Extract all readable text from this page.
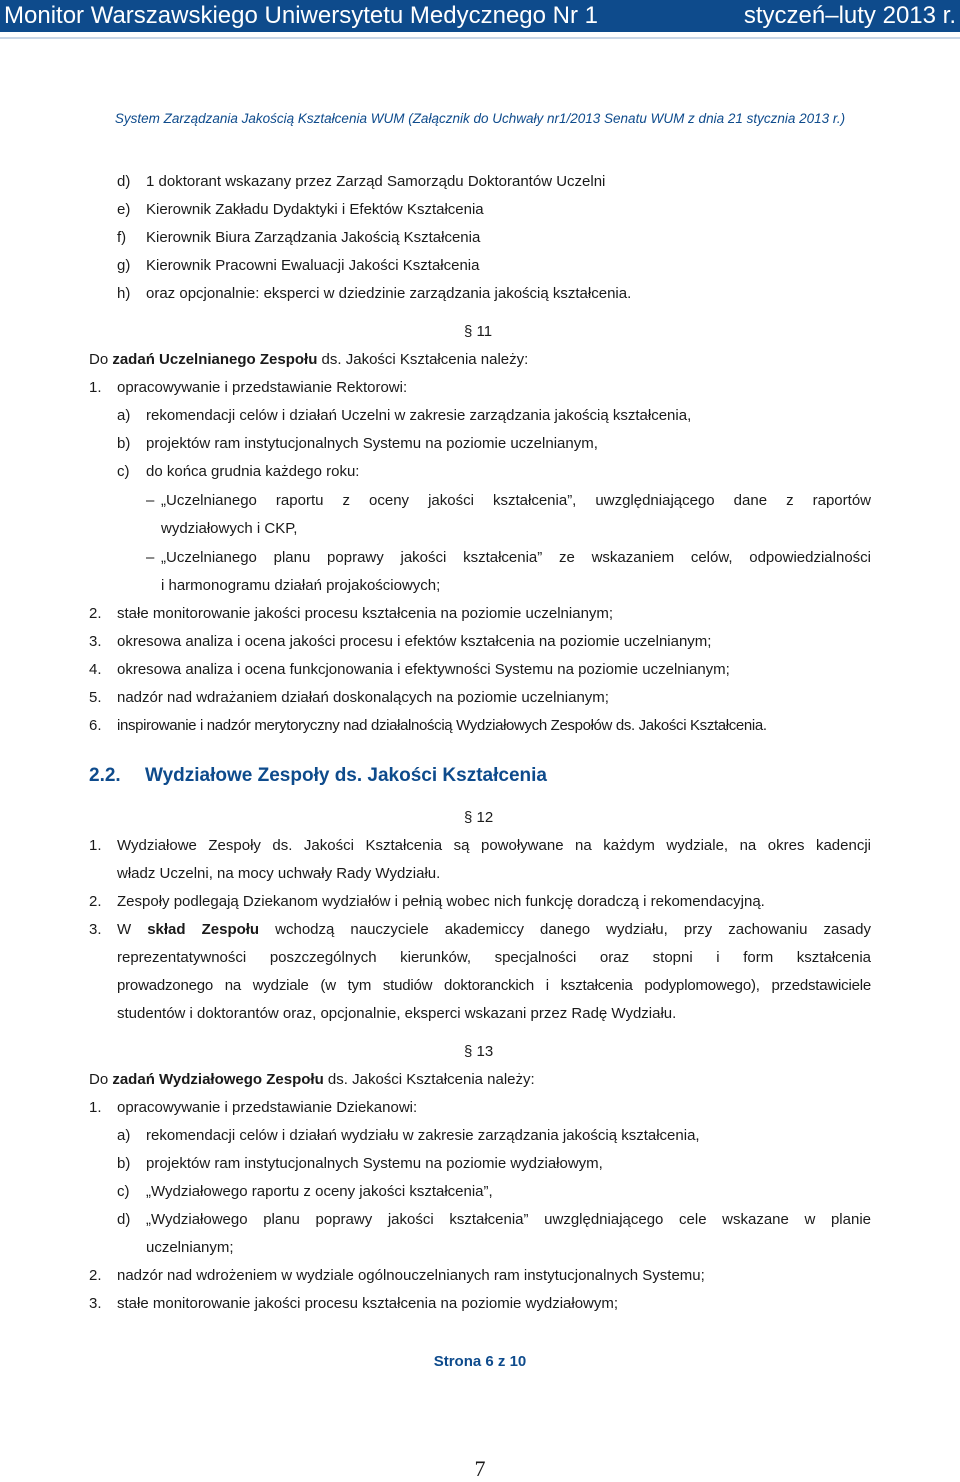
Monitor Warszawskiego Uniwersytetu Medycznego Nr 1	styczeń–luty 2013 r.
System Zarządzania Jakością Kształcenia WUM (Załącznik do Uchwały nr1/2013 Senatu WUM z dnia 21 stycznia 2013 r.)
d) 1 doktorant wskazany przez Zarząd Samorządu Doktorantów Uczelni
e) Kierownik Zakładu Dydaktyki i Efektów Kształcenia
f) Kierownik Biura Zarządzania Jakością Kształcenia
g) Kierownik Pracowni Ewaluacji Jakości Kształcenia
h) oraz opcjonalnie: eksperci w dziedzinie zarządzania jakością kształcenia.
§ 11
Do zadań Uczelnianego Zespołu ds. Jakości Kształcenia należy:
1. opracowywanie i przedstawianie Rektorowi:
a) rekomendacji celów i działań Uczelni w zakresie zarządzania jakością kształcenia,
b) projektów ram instytucjonalnych Systemu na poziomie uczelnianym,
c) do końca grudnia każdego roku:
– „Uczelnianego raportu z oceny jakości kształcenia”, uwzględniającego dane z raportów
wydziałowych i CKP,
– „Uczelnianego planu poprawy jakości kształcenia” ze wskazaniem celów, odpowiedzialności
i harmonogramu działań projakościowych;
2. stałe monitorowanie jakości procesu kształcenia na poziomie uczelnianym;
3. okresowa analiza i ocena jakości procesu i efektów kształcenia na poziomie uczelnianym;
4. okresowa analiza i ocena funkcjonowania i efektywności Systemu na poziomie uczelnianym;
5. nadzór nad wdrażaniem działań doskonalących na poziomie uczelnianym;
6. inspirowanie i nadzór merytoryczny nad działalnością Wydziałowych Zespołów ds. Jakości Kształcenia.
2.2. Wydziałowe Zespoły ds. Jakości Kształcenia
§ 12
1. Wydziałowe Zespoły ds. Jakości Kształcenia są powoływane na każdym wydziale, na okres kadencji
władz Uczelni, na mocy uchwały Rady Wydziału.
2. Zespoły podlegają Dziekanom wydziałów i pełnią wobec nich funkcję doradczą i rekomendacyjną.
3. W skład Zespołu wchodzą nauczyciele akademiccy danego wydziału, przy zachowaniu zasady
reprezentatywności poszczególnych kierunków, specjalności oraz stopni i form kształcenia
prowadzonego na wydziale (w tym studiów doktoranckich i kształcenia podyplomowego), przedstawiciele
studentów i doktorantów oraz, opcjonalnie, eksperci wskazani przez Radę Wydziału.
§ 13
Do zadań Wydziałowego Zespołu ds. Jakości Kształcenia należy:
1. opracowywanie i przedstawianie Dziekanowi:
a) rekomendacji celów i działań wydziału w zakresie zarządzania jakością kształcenia,
b) projektów ram instytucjonalnych Systemu na poziomie wydziałowym,
c) „Wydziałowego raportu z oceny jakości kształcenia”,
d) „Wydziałowego planu poprawy jakości kształcenia” uwzględniającego cele wskazane w planie
uczelnianym;
2. nadzór nad wdrożeniem w wydziale ogólnouczelnianych ram instytucjonalnych Systemu;
3. stałe monitorowanie jakości procesu kształcenia na poziomie wydziałowym;
Strona 6 z 10
7
